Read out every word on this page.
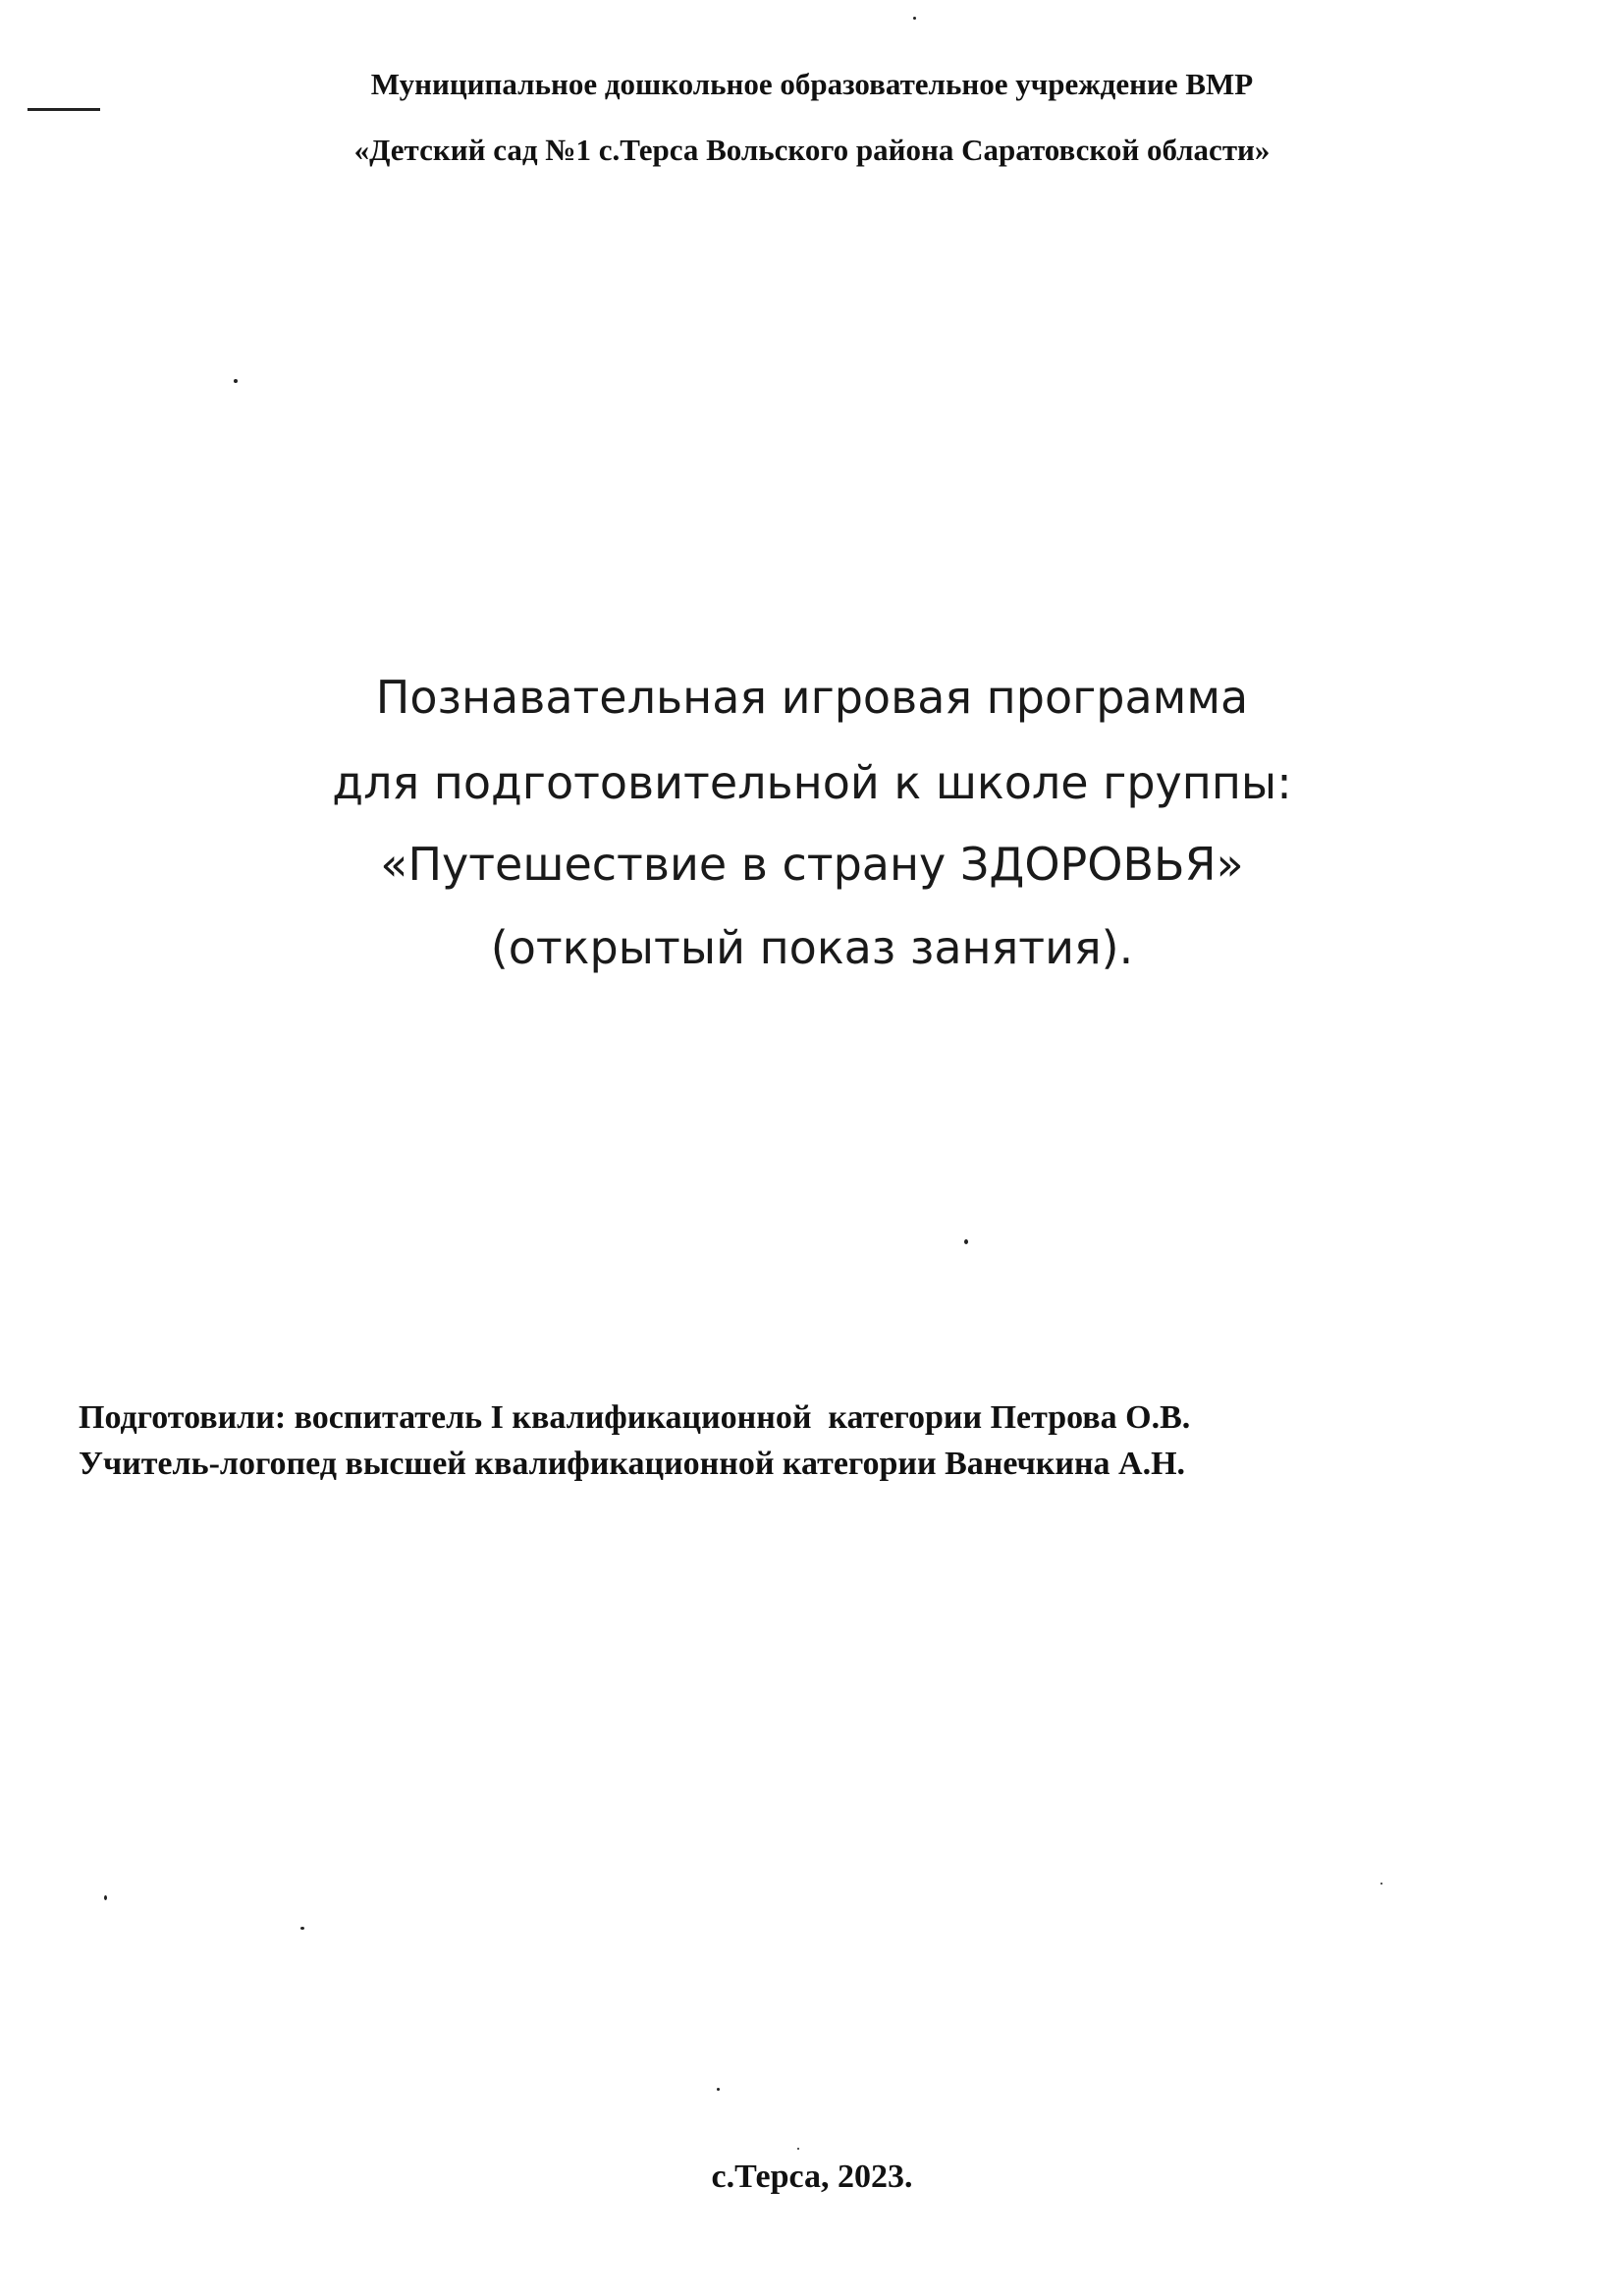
Муниципальное дошкольное образовательное учреждение ВМР
«Детский сад №1 с.Терса Вольского района Саратовской области»
Познавательная игровая программа
для подготовительной к школе группы:
«Путешествие в страну ЗДОРОВЬЯ»
(открытый показ занятия).
Подготовили: воспитатель I квалификационной  категории Петрова О.В.
Учитель-логопед высшей квалификационной категории Ванечкина А.Н.
с.Терса, 2023.
